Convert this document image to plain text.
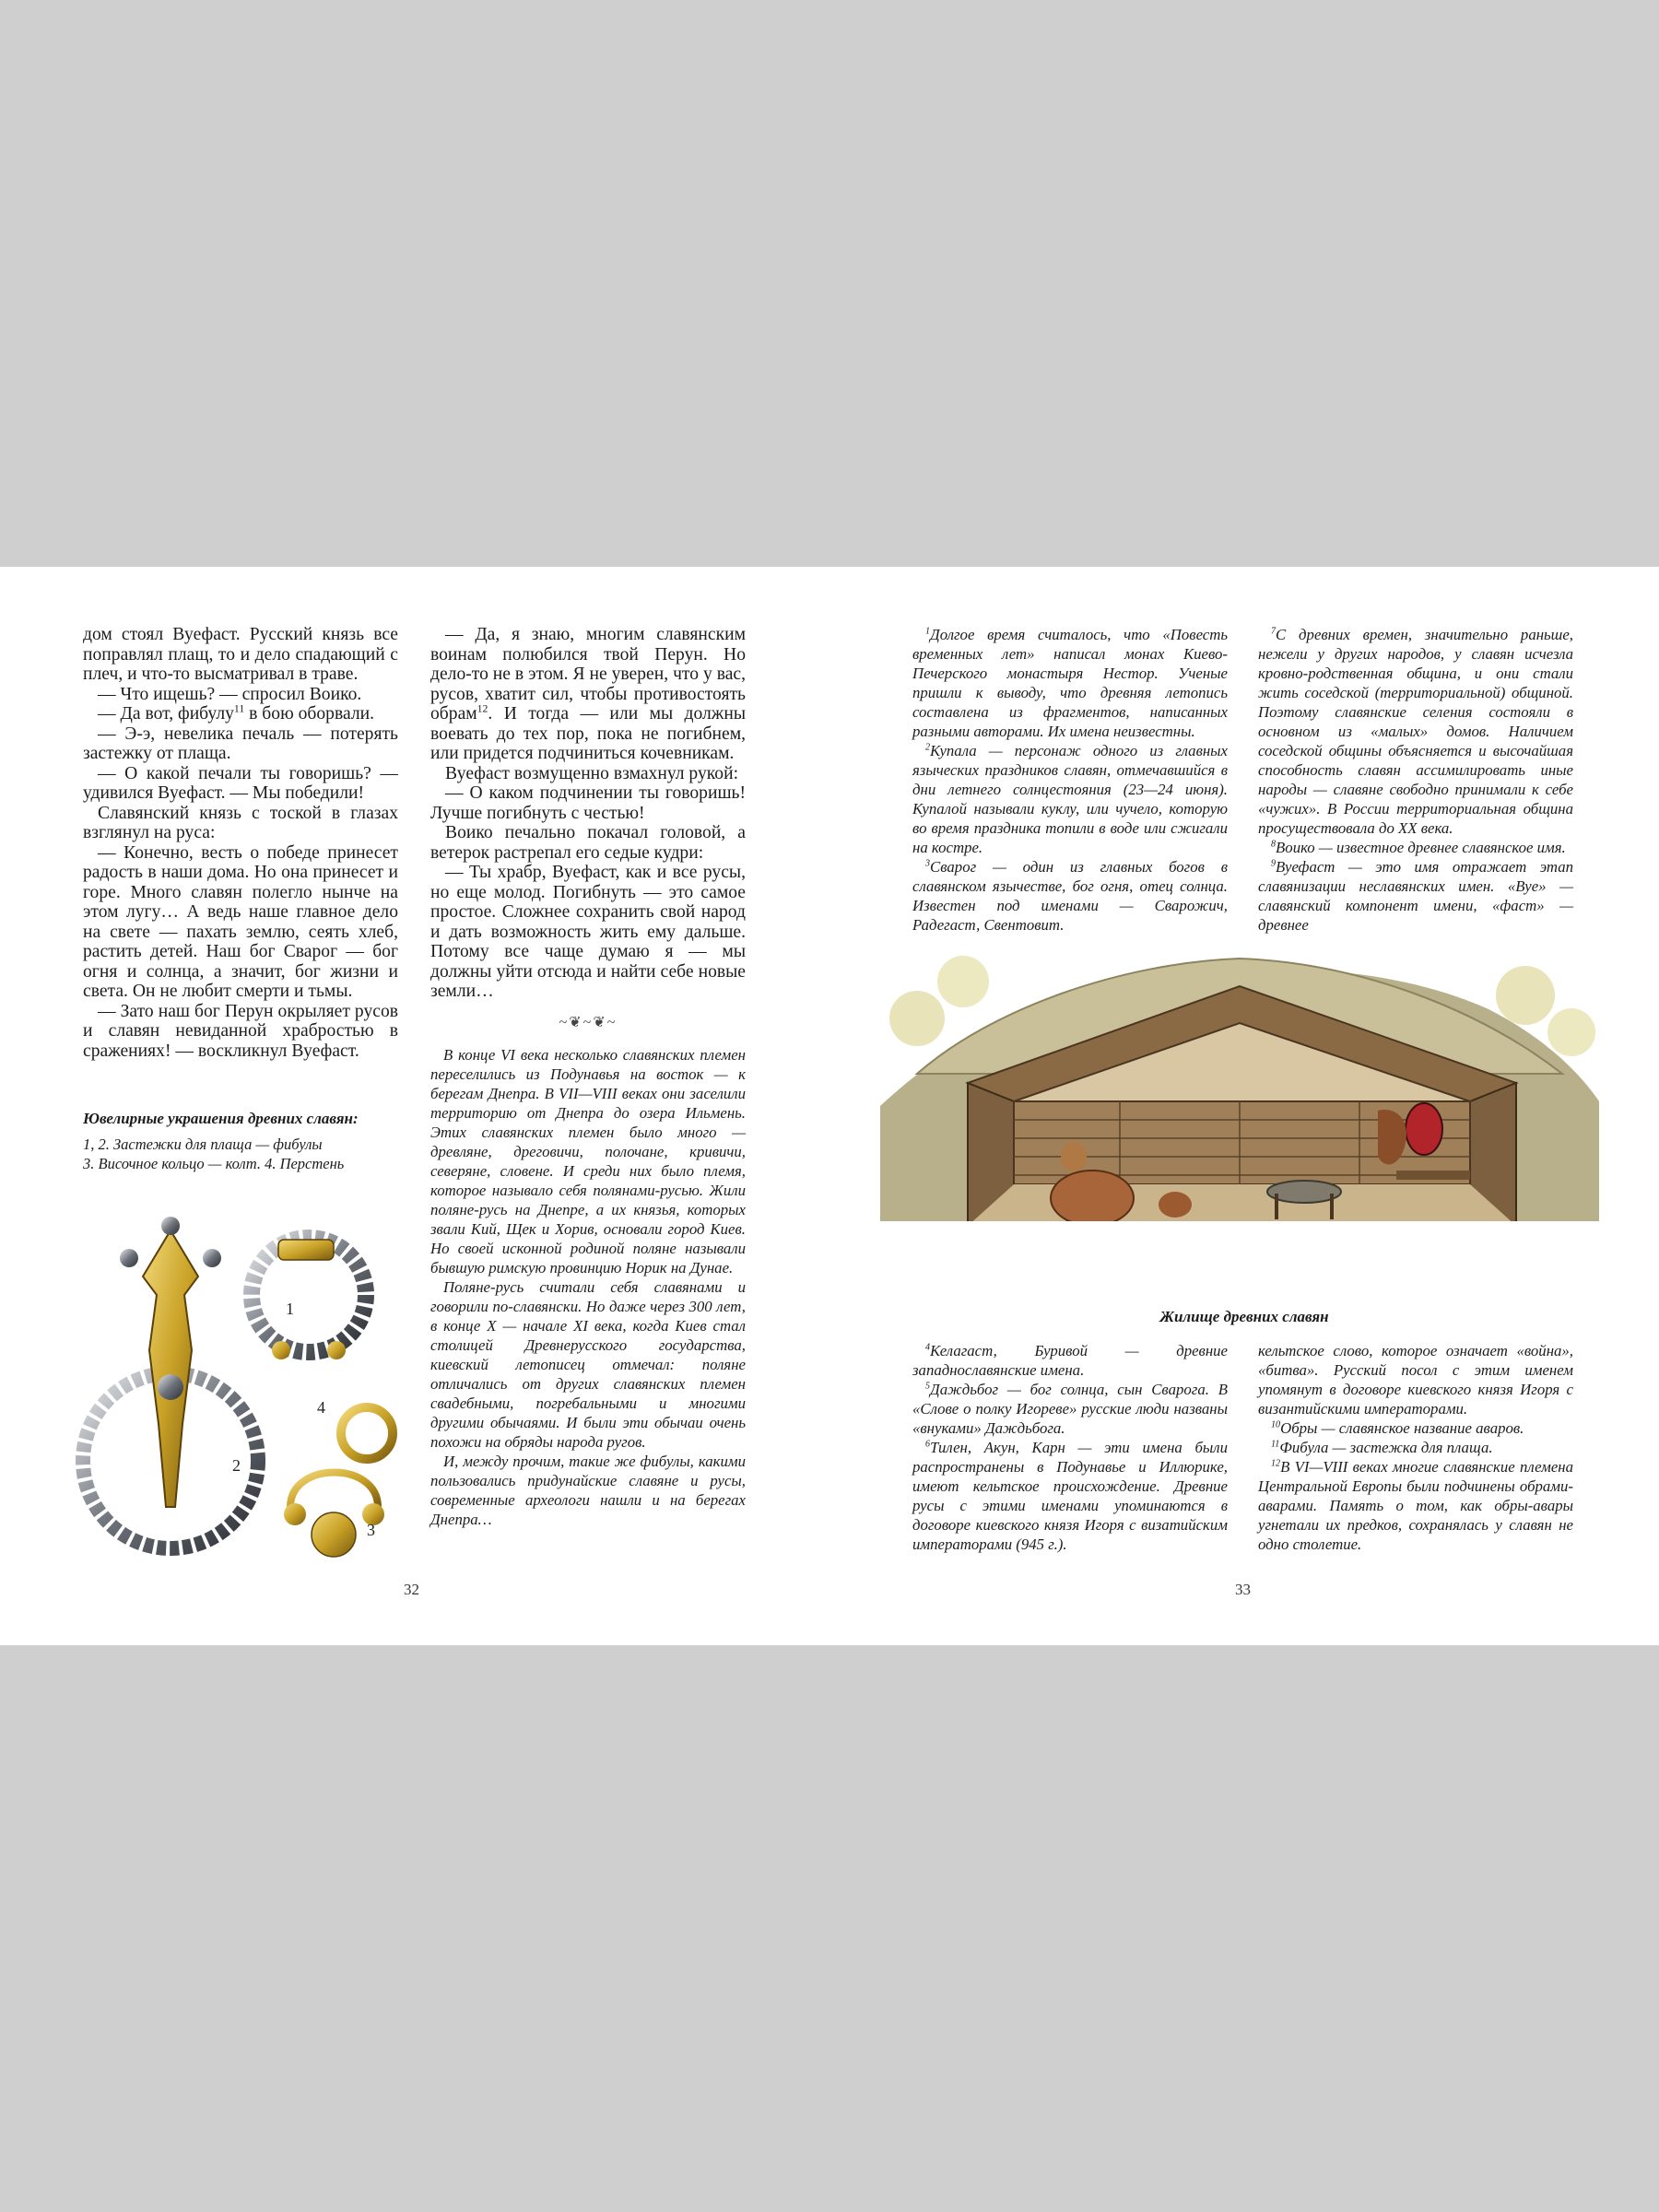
дом стоял Вуефаст. Русский князь все поправлял плащ, то и дело спадающий с плеч, и что-то высматривал в траве.

— Что ищешь? — спросил Воико.

— Да вот, фибулу$^{11}$ в бою оборвали.

— Э-э, невелика печаль — потерять застежку от плаща.

— О какой печали ты говоришь? — удивился Вуефаст. — Мы победили!

Славянский князь с тоской в глазах взглянул на руса:

— Конечно, весть о победе принесет радость в наши дома. Но она принесет и горе. Много славян полегло нынче на этом лугу… А ведь наше главное дело на свете — пахать землю, сеять хлеб, растить детей. Наш бог Сварог — бог огня и солнца, а значит, бог жизни и света. Он не любит смерти и тьмы.

— Зато наш бог Перун окрыляет русов и славян невиданной храбростью в сражениях! — воскликнул Вуефаст.

Ювелирные украшения древних славян:

1, 2. Застежки для плаща — фибулы

3. Височное кольцо — колт. 4. Перстень

1
2
3
4

— Да, я знаю, многим славянским воинам полюбился твой Перун. Но дело-то не в этом. Я не уверен, что у вас, русов, хватит сил, чтобы противостоять обрам$^{12}$. И тогда — или мы должны воевать до тех пор, пока не погибнем, или придется подчиниться кочевникам.

Вуефаст возмущенно взмахнул рукой:

— О каком подчинении ты говоришь! Лучше погибнуть с честью!

Воико печально покачал головой, а ветерок растрепал его седые кудри:

— Ты храбр, Вуефаст, как и все русы, но еще молод. Погибнуть — это самое простое. Сложнее сохранить свой народ и дать возможность жить ему дальше. Потому все чаще думаю я — мы должны уйти отсюда и найти себе новые земли…

~❦~❦~

В конце VI века несколько славянских племен переселились из Подунавья на восток — к берегам Днепра. В VII—VIII веках они заселили территорию от Днепра до озера Ильмень. Этих славянских племен было много — древляне, дреговичи, полочане, кривичи, северяне, словене. И среди них было племя, которое называло себя полянами-русью. Жили поляне-русь на Днепре, а их князья, которых звали Кий, Щек и Хорив, основали город Киев. Но своей исконной родиной поляне называли бывшую римскую провинцию Норик на Дунае.

Поляне-русь считали себя славянами и говорили по-славянски. Но даже через 300 лет, в конце X — начале XI века, когда Киев стал столицей Древнерусского государства, киевский летописец отмечал: поляне отличались от других славянских племен свадебными, погребальными и многими другими обычаями. И были эти обычаи очень похожи на обряды народа ругов.

И, между прочим, такие же фибулы, какими пользовались придунайские славяне и русы, современные археологи нашли и на берегах Днепра…

32

$^1$Долгое время считалось, что «Повесть временных лет» написал монах Киево-Печерского монастыря Нестор. Ученые пришли к выводу, что древняя летопись составлена из фрагментов, написанных разными авторами. Их имена неизвестны.

$^2$Купала — персонаж одного из главных языческих праздников славян, отмечавшийся в дни летнего солнцестояния (23—24 июня). Купалой называли куклу, или чучело, которую во время праздника топили в воде или сжигали на костре.

$^3$Сварог — один из главных богов в славянском язычестве, бог огня, отец солнца. Известен под именами — Сварожич, Радегаст, Свентовит.

$^7$С древних времен, значительно раньше, нежели у других народов, у славян исчезла кровно-родственная община, и они стали жить соседской (территориальной) общиной. Поэтому славянские селения состояли в основном из «малых» домов. Наличием соседской общины объясняется и высочайшая способность славян ассимилировать иные народы — славяне свободно принимали к себе «чужих». В России территориальная община просуществовала до XX века.

$^8$Воико — известное древнее славянское имя.

$^9$Вуефаст — это имя отражает этап славянизации неславянских имен. «Вуе» — славянский компонент имени, «фаст» — древнее

Жилище древних славян

$^4$Келагаст, Буривой — древние западнославянские имена.

$^5$Даждьбог — бог солнца, сын Сварога. В «Слове о полку Игореве» русские люди названы «внуками» Даждьбога.

$^6$Тилен, Акун, Карн — эти имена были распространены в Подунавье и Иллюрике, имеют кельтское происхождение. Древние русы с этими именами упоминаются в договоре киевского князя Игоря с визатийским императорами (945 г.).

кельтское слово, которое означает «война», «битва». Русский посол с этим именем упомянут в договоре киевского князя Игоря с византийскими императорами.

$^{10}$Обры — славянское название аваров.

$^{11}$Фибула — застежка для плаща.

$^{12}$В VI—VIII веках многие славянские племена Центральной Европы были подчинены обрами-аварами. Память о том, как обры-авары угнетали их предков, сохранялась у славян не одно столетие.

33
